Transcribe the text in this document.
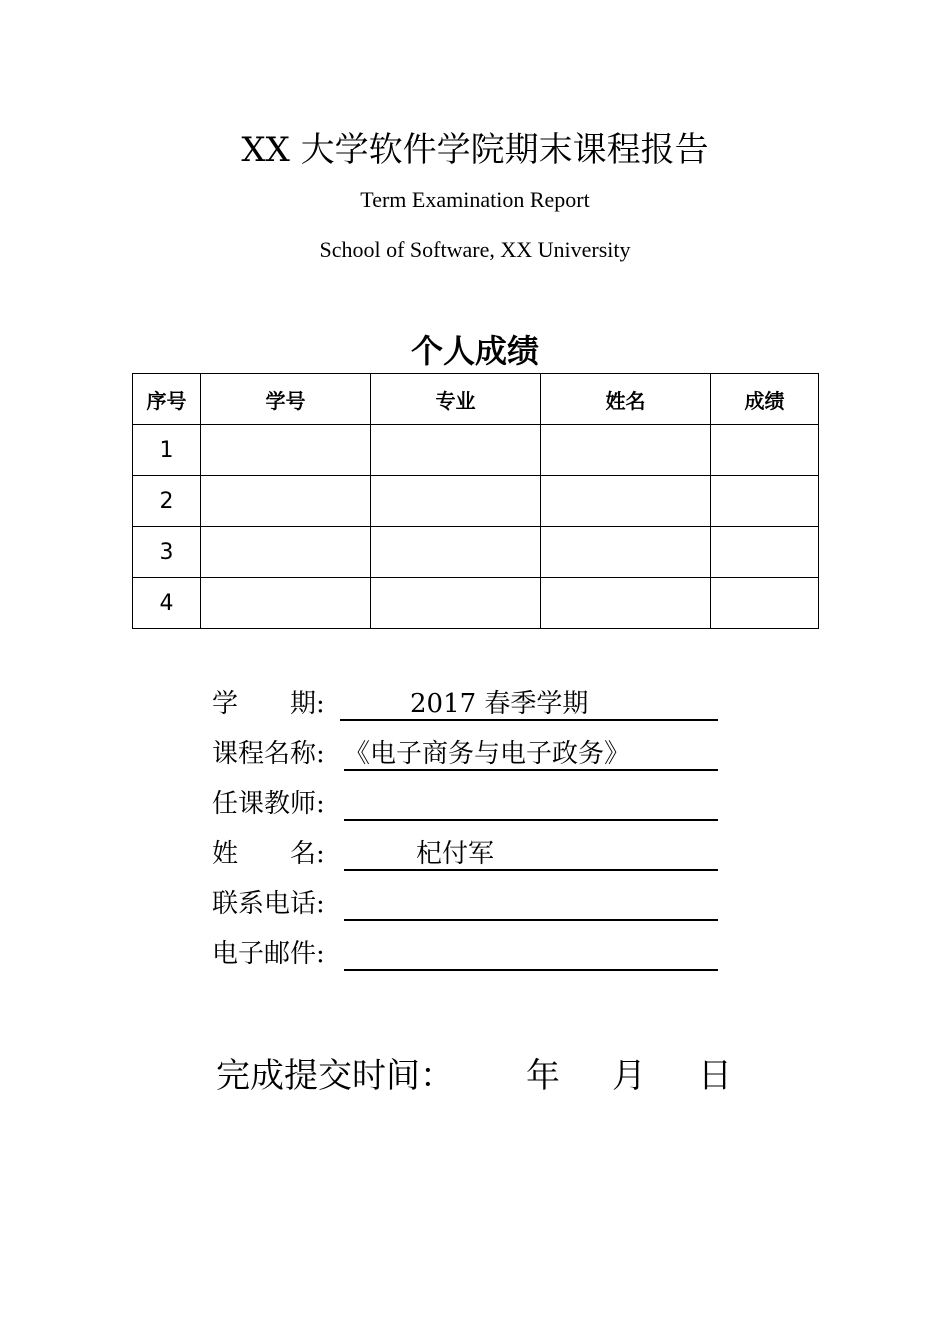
XX 大学软件学院期末课程报告
Term Examination Report
School of Software, XX University
个人成绩
序号	学号	专业	姓名	成绩
1				
2				
3				
4				
学　　期:	2017 春季学期
课程名称: 《电子商务与电子政务》
任课教师:
姓　　名:	杞付军
联系电话:
电子邮件:
完成提交时间： 年 月 日
